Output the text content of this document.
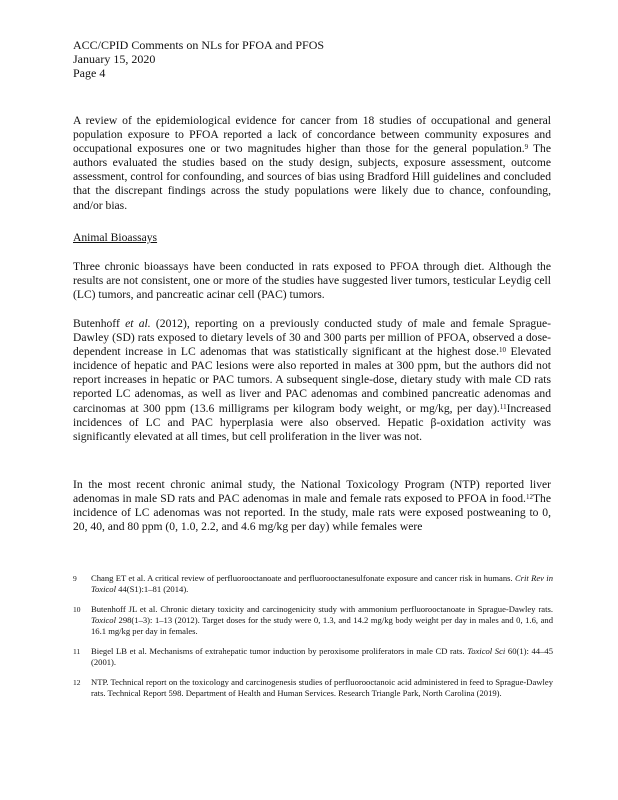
ACC/CPID Comments on NLs for PFOA and PFOS
January 15, 2020
Page 4
A review of the epidemiological evidence for cancer from 18 studies of occupational and general population exposure to PFOA reported a lack of concordance between community exposures and occupational exposures one or two magnitudes higher than those for the general population.$^9$ The authors evaluated the studies based on the study design, subjects, exposure assessment, outcome assessment, control for confounding, and sources of bias using Bradford Hill guidelines and concluded that the discrepant findings across the study populations were likely due to chance, confounding, and/or bias.
Animal Bioassays
Three chronic bioassays have been conducted in rats exposed to PFOA through diet. Although the results are not consistent, one or more of the studies have suggested liver tumors, testicular Leydig cell (LC) tumors, and pancreatic acinar cell (PAC) tumors.
Butenhoff et al. (2012), reporting on a previously conducted study of male and female Sprague-Dawley (SD) rats exposed to dietary levels of 30 and 300 parts per million of PFOA, observed a dose-dependent increase in LC adenomas that was statistically significant at the highest dose.$^{10}$ Elevated incidence of hepatic and PAC lesions were also reported in males at 300 ppm, but the authors did not report increases in hepatic or PAC tumors. A subsequent single-dose, dietary study with male CD rats reported LC adenomas, as well as liver and PAC adenomas and combined pancreatic adenomas and carcinomas at 300 ppm (13.6 milligrams per kilogram body weight, or mg/kg, per day).$^{11}$Increased incidences of LC and PAC hyperplasia were also observed. Hepatic β-oxidation activity was significantly elevated at all times, but cell proliferation in the liver was not.
In the most recent chronic animal study, the National Toxicology Program (NTP) reported liver adenomas in male SD rats and PAC adenomas in male and female rats exposed to PFOA in food.$^{12}$The incidence of LC adenomas was not reported. In the study, male rats were exposed postweaning to 0, 20, 40, and 80 ppm (0, 1.0, 2.2, and 4.6 mg/kg per day) while females were
9	Chang ET et al. A critical review of perfluorooctanoate and perfluorooctanesulfonate exposure and cancer risk in humans. Crit Rev in Toxicol 44(S1):1–81 (2014).
10	Butenhoff JL et al. Chronic dietary toxicity and carcinogenicity study with ammonium perfluorooctanoate in Sprague-Dawley rats. Toxicol 298(1–3): 1–13 (2012). Target doses for the study were 0, 1.3, and 14.2 mg/kg body weight per day in males and 0, 1.6, and 16.1 mg/kg per day in females.
11	Biegel LB et al. Mechanisms of extrahepatic tumor induction by peroxisome proliferators in male CD rats. Toxicol Sci 60(1): 44–45 (2001).
12	NTP. Technical report on the toxicology and carcinogenesis studies of perfluorooctanoic acid administered in feed to Sprague-Dawley rats. Technical Report 598. Department of Health and Human Services. Research Triangle Park, North Carolina (2019).
